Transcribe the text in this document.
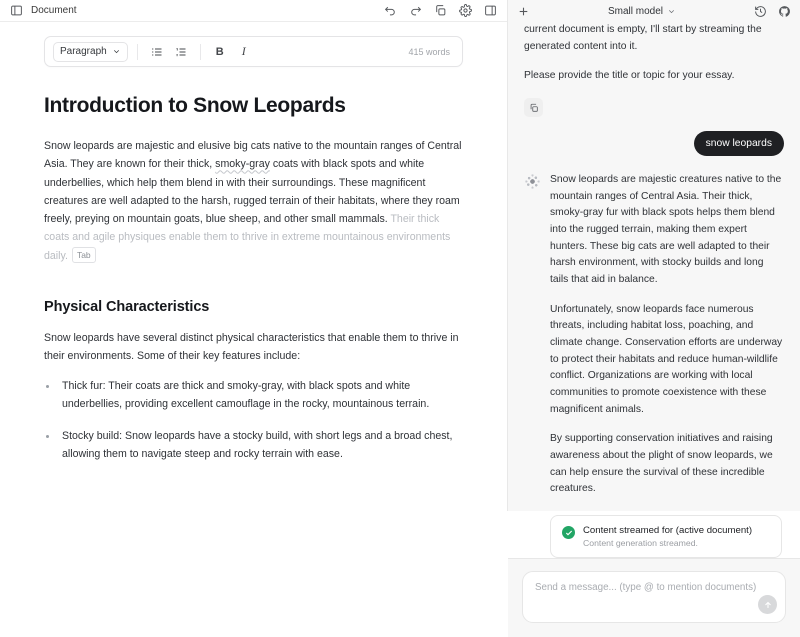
Document
Paragraph	B	I	415 words
Introduction to Snow Leopards

Snow leopards are majestic and elusive big cats native to the mountain ranges of Central Asia. They are known for their thick, smoky-gray coats with black spots and white underbellies, which help them blend in with their surroundings. These magnificent creatures are well adapted to the harsh, rugged terrain of their habitats, where they roam freely, preying on mountain goats, blue sheep, and other small mammals. Their thick coats and agile physiques enable them to thrive in extreme mountainous environments daily. Tab

Physical Characteristics

Snow leopards have several distinct physical characteristics that enable them to thrive in their environments. Some of their key features include:

• Thick fur: Their coats are thick and smoky-gray, with black spots and white underbellies, providing excellent camouflage in the rocky, mountainous terrain.
• Stocky build: Snow leopards have a stocky build, with short legs and a broad chest, allowing them to navigate steep and rocky terrain with ease.
Small model

current document is empty, I'll start by streaming the generated content into it.

Please provide the title or topic for your essay.

snow leopards

Snow leopards are majestic creatures native to the mountain ranges of Central Asia. Their thick, smoky-gray fur with black spots helps them blend into the rugged terrain, making them expert hunters. These big cats are well adapted to their harsh environment, with stocky builds and long tails that aid in balance.

Unfortunately, snow leopards face numerous threats, including habitat loss, poaching, and climate change. Conservation efforts are underway to protect their habitats and reduce human-wildlife conflict. Organizations are working with local communities to promote coexistence with these magnificent animals.

By supporting conservation initiatives and raising awareness about the plight of snow leopards, we can help ensure the survival of these incredible creatures.

Content streamed for (active document)
Content generation streamed.
Send a message... (type @ to mention documents)
